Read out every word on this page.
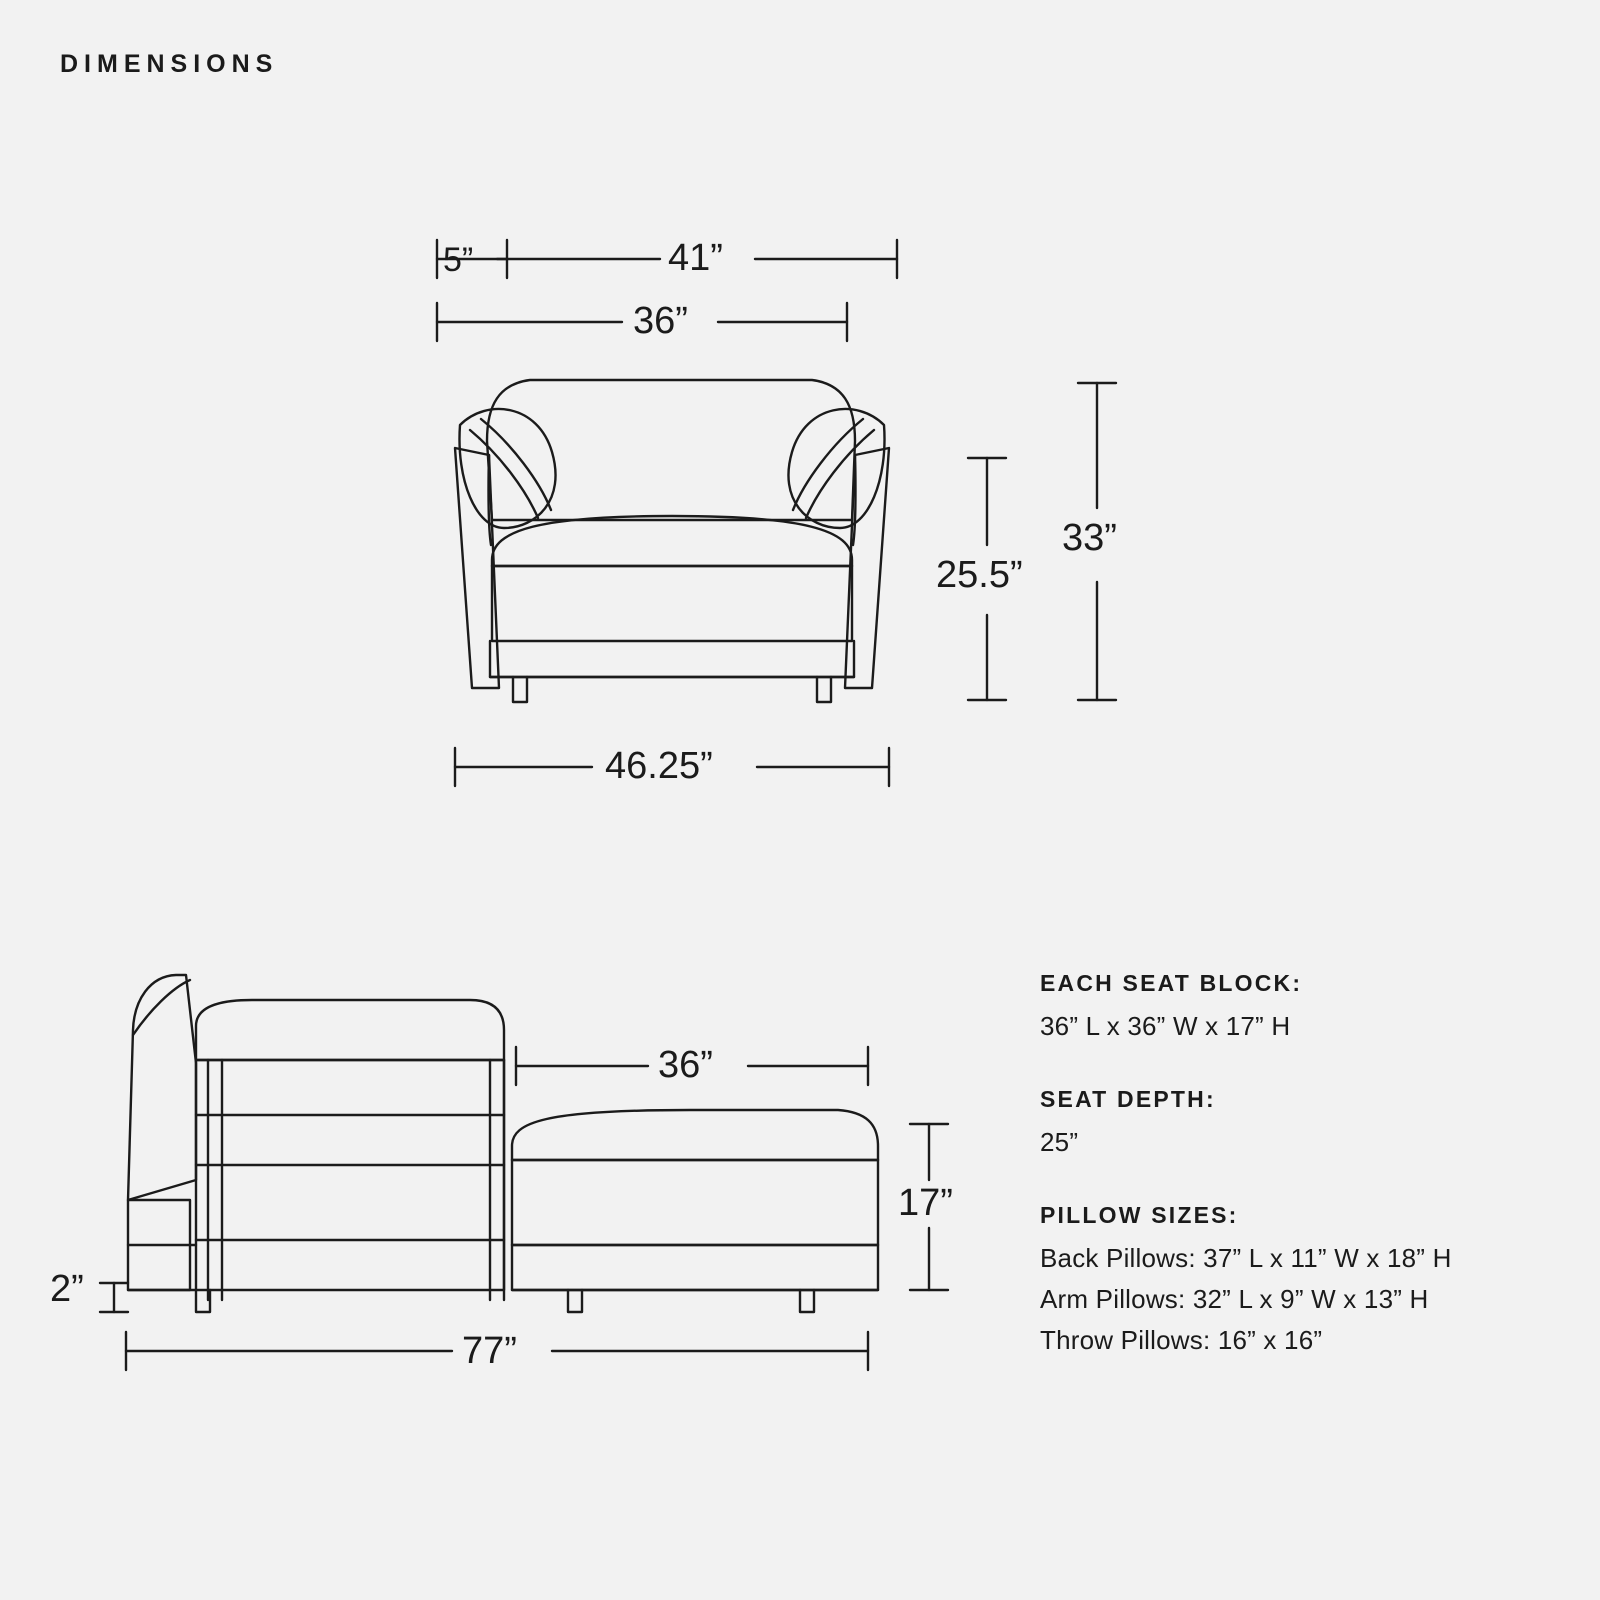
DIMENSIONS
5”	41”
36”
33”
25.5”
46.25”
36”
17”
2”
77”
EACH SEAT BLOCK:
36” L x 36” W x 17” H
SEAT DEPTH:
25”
PILLOW SIZES:
Back Pillows: 37” L x 11” W x 18” H
Arm Pillows: 32” L x 9” W x 13” H
Throw Pillows: 16” x 16”
